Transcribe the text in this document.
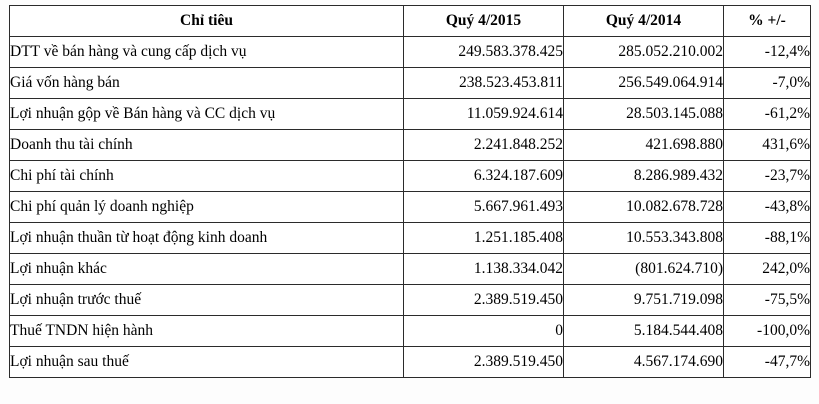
Chỉ tiêu	Quý 4/2015	Quý 4/2014	% +/-
DTT về bán hàng và cung cấp dịch vụ	249.583.378.425	285.052.210.002	-12,4%
Giá vốn hàng bán	238.523.453.811	256.549.064.914	-7,0%
Lợi nhuận gộp về Bán hàng và CC dịch vụ	11.059.924.614	28.503.145.088	-61,2%
Doanh thu tài chính	2.241.848.252	421.698.880	431,6%
Chi phí tài chính	6.324.187.609	8.286.989.432	-23,7%
Chi phí quản lý doanh nghiệp	5.667.961.493	10.082.678.728	-43,8%
Lợi nhuận thuần từ hoạt động kinh doanh	1.251.185.408	10.553.343.808	-88,1%
Lợi nhuận khác	1.138.334.042	(801.624.710)	242,0%
Lợi nhuận trước thuế	2.389.519.450	9.751.719.098	-75,5%
Thuế TNDN hiện hành	0	5.184.544.408	-100,0%
Lợi nhuận sau thuế	2.389.519.450	4.567.174.690	-47,7%
